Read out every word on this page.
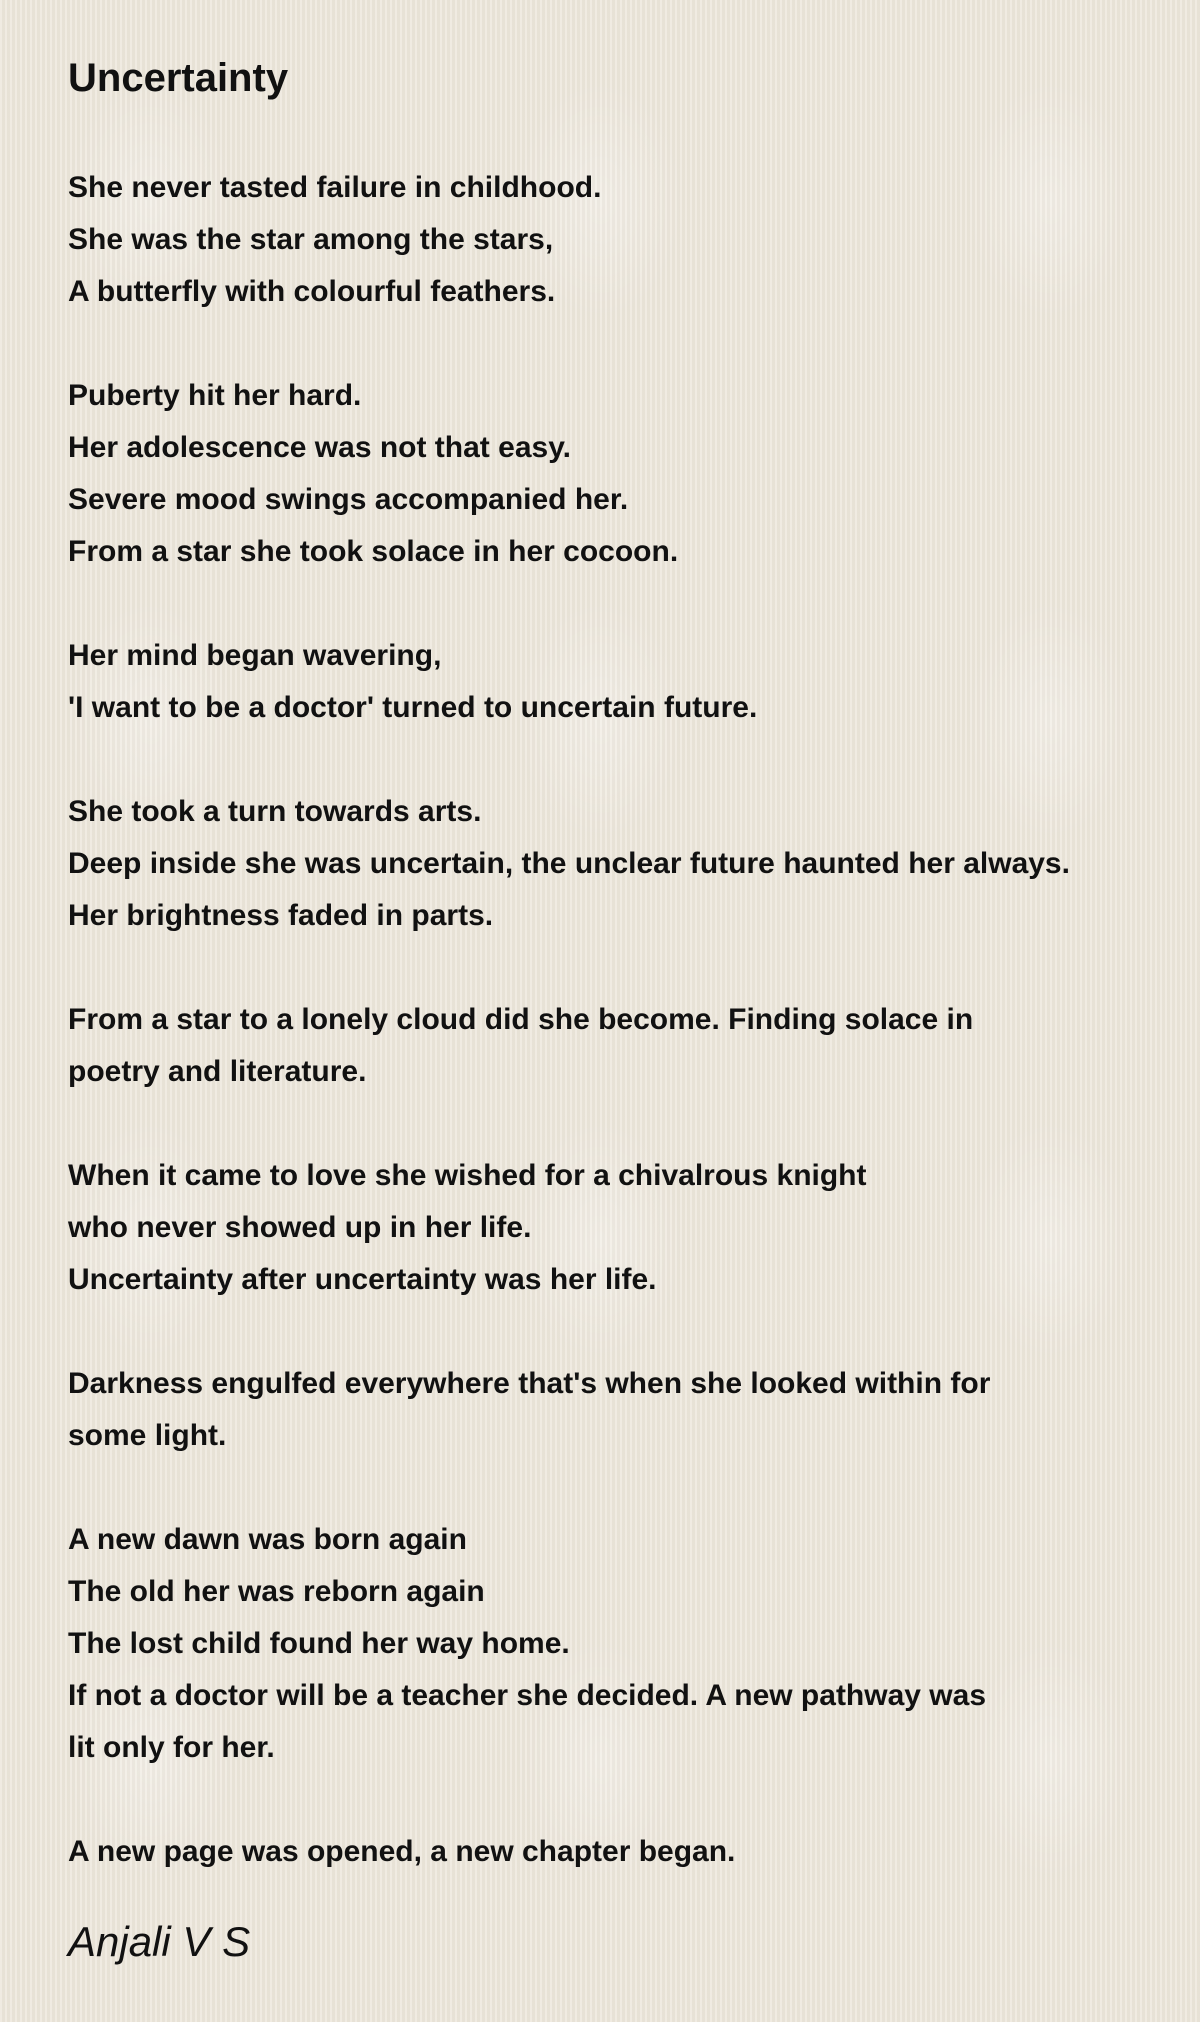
Uncertainty
She never tasted failure in childhood.
She was the star among the stars,
A butterfly with colourful feathers.
Puberty hit her hard.
Her adolescence was not that easy.
Severe mood swings accompanied her.
From a star she took solace in her cocoon.
Her mind began wavering,
'I want to be a doctor' turned to uncertain future.
She took a turn towards arts.
Deep inside she was uncertain, the unclear future haunted her always.
Her brightness faded in parts.
From a star to a lonely cloud did she become. Finding solace in
poetry and literature.
When it came to love she wished for a chivalrous knight
who never showed up in her life.
Uncertainty after uncertainty was her life.
Darkness engulfed everywhere that's when she looked within for
some light.
A new dawn was born again
The old her was reborn again
The lost child found her way home.
If not a doctor will be a teacher she decided. A new pathway was
lit only for her.
A new page was opened, a new chapter began.
Anjali V S
